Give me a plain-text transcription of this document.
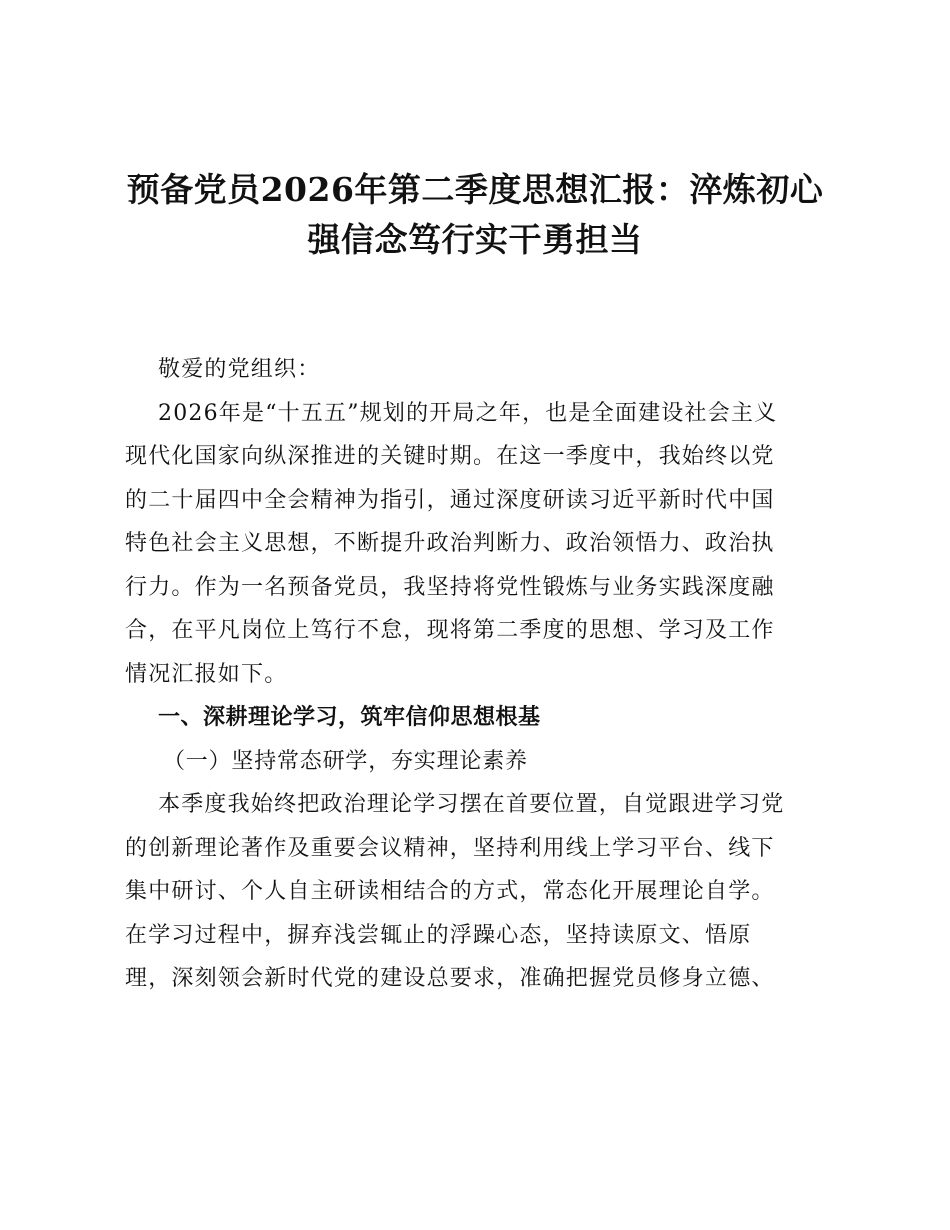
预备党员2026年第二季度思想汇报：淬炼初心
强信念笃行实干勇担当
敬爱的党组织：
2026年是“十五五”规划的开局之年，也是全面建设社会主义
现代化国家向纵深推进的关键时期。在这一季度中，我始终以党
的二十届四中全会精神为指引，通过深度研读习近平新时代中国
特色社会主义思想，不断提升政治判断力、政治领悟力、政治执
行力。作为一名预备党员，我坚持将党性锻炼与业务实践深度融
合，在平凡岗位上笃行不怠，现将第二季度的思想、学习及工作
情况汇报如下。
一、深耕理论学习，筑牢信仰思想根基
（一）坚持常态研学，夯实理论素养
本季度我始终把政治理论学习摆在首要位置，自觉跟进学习党
的创新理论著作及重要会议精神，坚持利用线上学习平台、线下
集中研讨、个人自主研读相结合的方式，常态化开展理论自学。
在学习过程中，摒弃浅尝辄止的浮躁心态，坚持读原文、悟原
理，深刻领会新时代党的建设总要求，准确把握党员修身立德、
